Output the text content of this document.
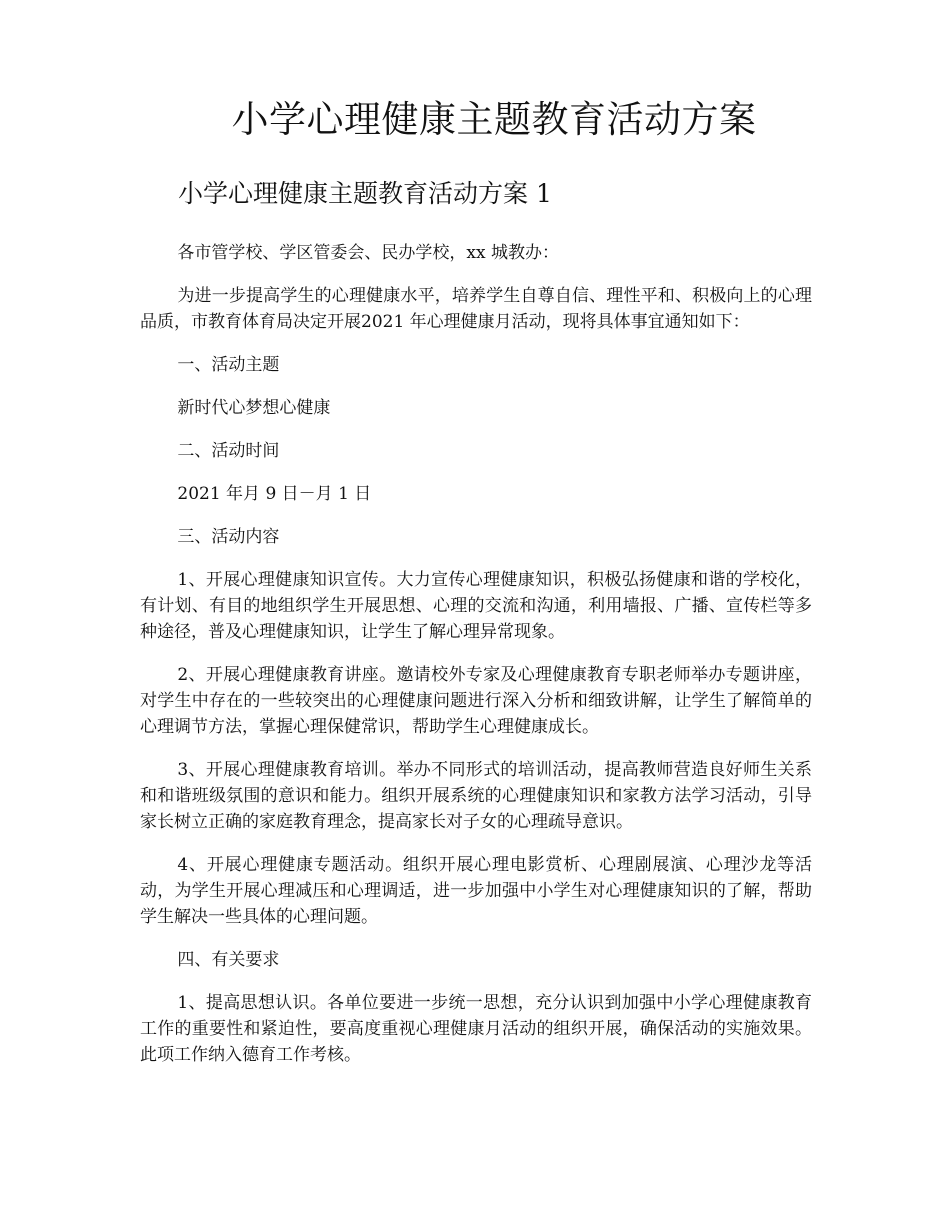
小学心理健康主题教育活动方案
小学心理健康主题教育活动方案 1

各市管学校、学区管委会、民办学校，xx 城教办：

为进一步提高学生的心理健康水平，培养学生自尊自信、理性平和、积极向上的心理品质，市教育体育局决定开展2021 年心理健康月活动，现将具体事宜通知如下：

一、活动主题

新时代心梦想心健康

二、活动时间

2021 年月 9 日－月 1 日

三、活动内容

1、开展心理健康知识宣传。大力宣传心理健康知识，积极弘扬健康和谐的学校化，有计划、有目的地组织学生开展思想、心理的交流和沟通，利用墙报、广播、宣传栏等多种途径，普及心理健康知识，让学生了解心理异常现象。

2、开展心理健康教育讲座。邀请校外专家及心理健康教育专职老师举办专题讲座，对学生中存在的一些较突出的心理健康问题进行深入分析和细致讲解，让学生了解简单的心理调节方法，掌握心理保健常识，帮助学生心理健康成长。

3、开展心理健康教育培训。举办不同形式的培训活动，提高教师营造良好师生关系和和谐班级氛围的意识和能力。组织开展系统的心理健康知识和家教方法学习活动，引导家长树立正确的家庭教育理念，提高家长对子女的心理疏导意识。

4、开展心理健康专题活动。组织开展心理电影赏析、心理剧展演、心理沙龙等活动，为学生开展心理减压和心理调适，进一步加强中小学生对心理健康知识的了解，帮助学生解决一些具体的心理问题。

四、有关要求

1、提高思想认识。各单位要进一步统一思想，充分认识到加强中小学心理健康教育工作的重要性和紧迫性，要高度重视心理健康月活动的组织开展，确保活动的实施效果。此项工作纳入德育工作考核。
